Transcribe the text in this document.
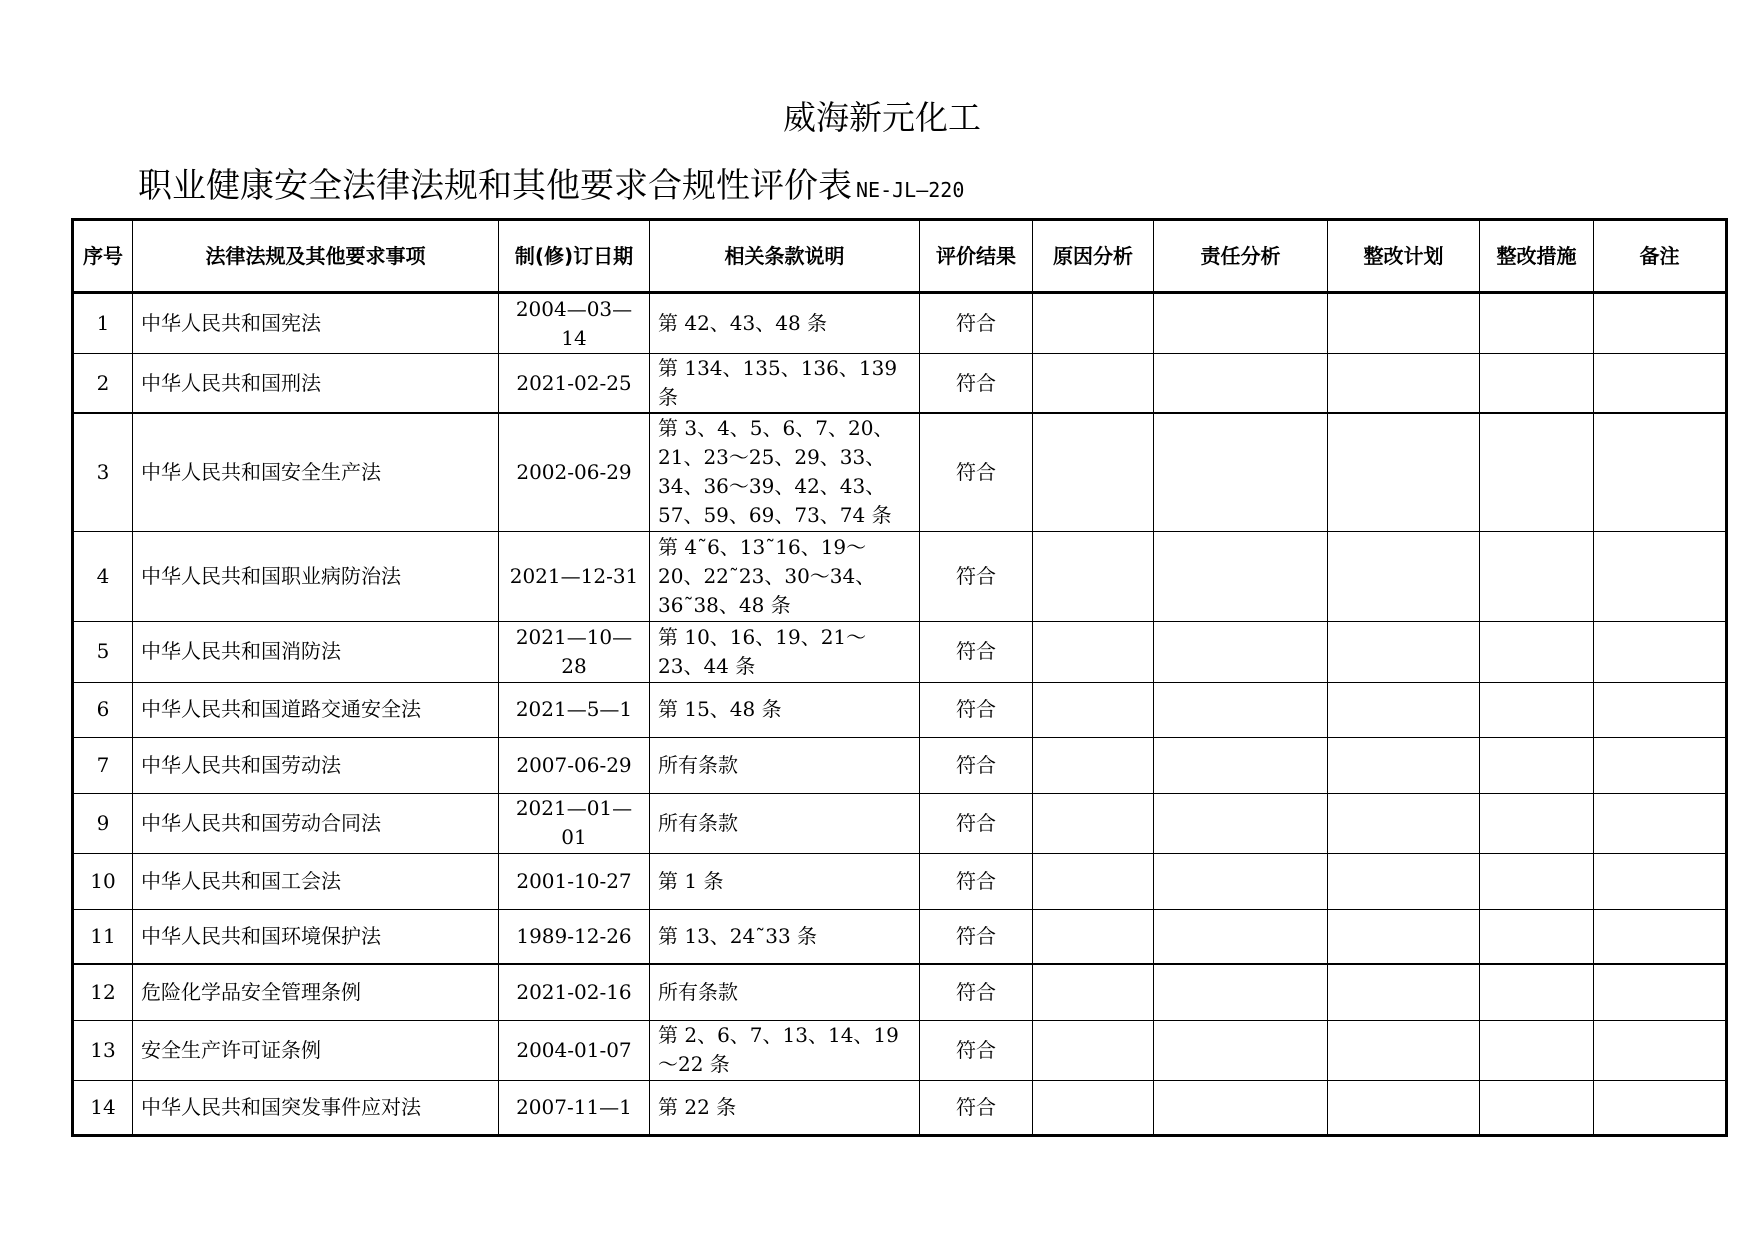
威海新元化工
职业健康安全法律法规和其他要求合规性评价表 NE-JL—220
序号	法律法规及其他要求事项	制(修)订日期	相关条款说明	评价结果	原因分析	责任分析	整改计划	整改措施	备注
1	中华人民共和国宪法	2004—03—14	第 42、43、48 条	符合					
2	中华人民共和国刑法	2021-02-25	第 134、135、136、139 条	符合					
3	中华人民共和国安全生产法	2002-06-29	第 3、4、5、6、7、20、21、23～25、29、33、34、36～39、42、43、57、59、69、73、74 条	符合					
4	中华人民共和国职业病防治法	2021—12-31	第 4˜6、13˜16、19～20、22˜23、30～34、36˜38、48 条	符合					
5	中华人民共和国消防法	2021—10—28	第 10、16、19、21～23、44 条	符合					
6	中华人民共和国道路交通安全法	2021—5—1	第 15、48 条	符合					
7	中华人民共和国劳动法	2007-06-29	所有条款	符合					
9	中华人民共和国劳动合同法	2021—01—01	所有条款	符合					
10	中华人民共和国工会法	2001-10-27	第 1 条	符合					
11	中华人民共和国环境保护法	1989-12-26	第 13、24˜33 条	符合					
12	危险化学品安全管理条例	2021-02-16	所有条款	符合					
13	安全生产许可证条例	2004-01-07	第 2、6、7、13、14、19～22 条	符合					
14	中华人民共和国突发事件应对法	2007-11—1	第 22 条	符合					
